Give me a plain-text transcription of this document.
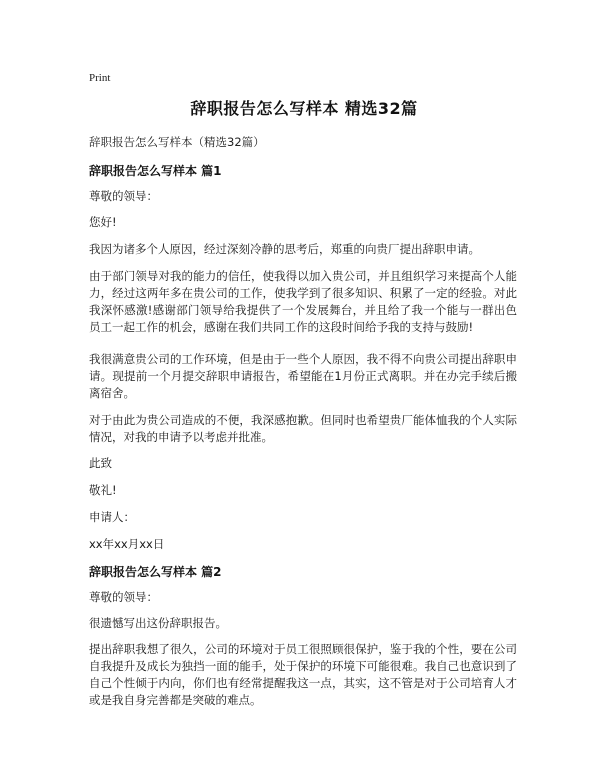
Print
辞职报告怎么写样本 精选32篇
辞职报告怎么写样本（精选32篇）
辞职报告怎么写样本 篇1
尊敬的领导：
您好!
我因为诸多个人原因，经过深刻冷静的思考后，郑重的向贵厂提出辞职申请。
由于部门领导对我的能力的信任，使我得以加入贵公司，并且组织学习来提高个人能力，经过这两年多在贵公司的工作，使我学到了很多知识、积累了一定的经验。对此我深怀感激!感谢部门领导给我提供了一个发展舞台，并且给了我一个能与一群出色员工一起工作的机会，感谢在我们共同工作的这段时间给予我的支持与鼓励!
我很满意贵公司的工作环境，但是由于一些个人原因，我不得不向贵公司提出辞职申请。现提前一个月提交辞职申请报告，希望能在1月份正式离职。并在办完手续后搬离宿舍。
对于由此为贵公司造成的不便，我深感抱歉。但同时也希望贵厂能体恤我的个人实际情况，对我的申请予以考虑并批准。
此致
敬礼!
申请人：
xx年xx月xx日
辞职报告怎么写样本 篇2
尊敬的领导：
很遗憾写出这份辞职报告。
提出辞职我想了很久，公司的环境对于员工很照顾很保护，鉴于我的个性，要在公司自我提升及成长为独挡一面的能手，处于保护的环境下可能很难。我自己也意识到了自己个性倾于内向，你们也有经常提醒我这一点，其实，这不管是对于公司培育人才或是我自身完善都是突破的难点。
